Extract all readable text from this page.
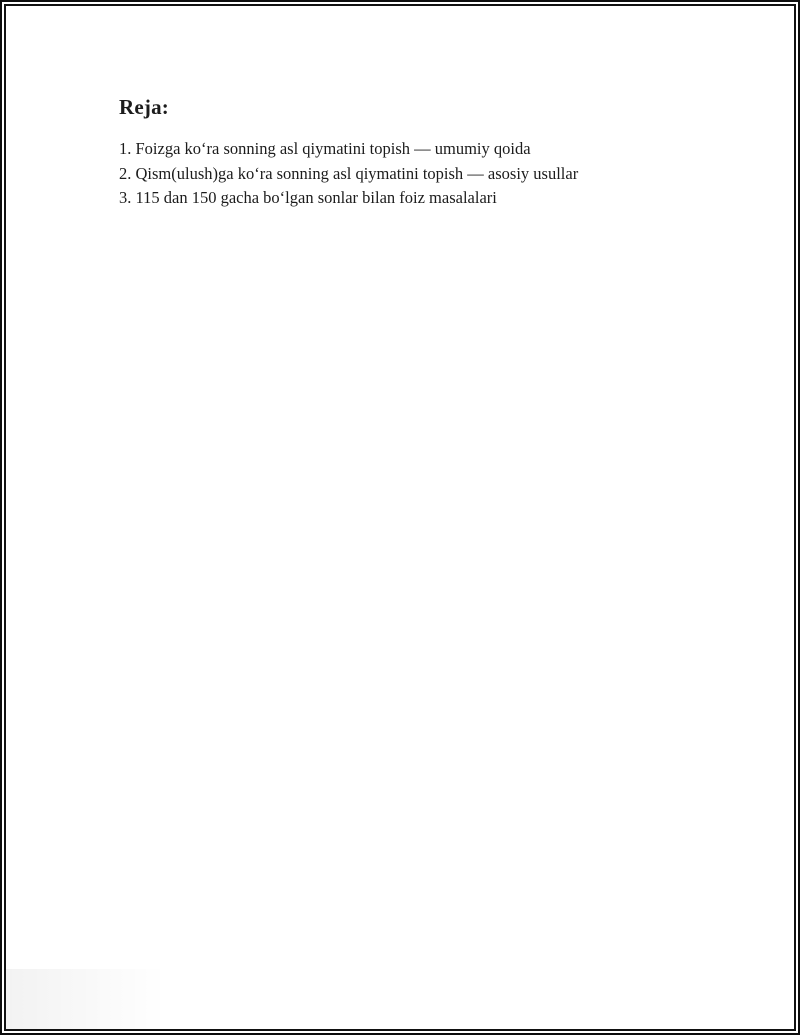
Reja:
1. Foizga ko‘ra sonning asl qiymatini topish — umumiy qoida
2. Qism(ulush)ga ko‘ra sonning asl qiymatini topish — asosiy usullar
3. 115 dan 150 gacha bo‘lgan sonlar bilan foiz masalalari
